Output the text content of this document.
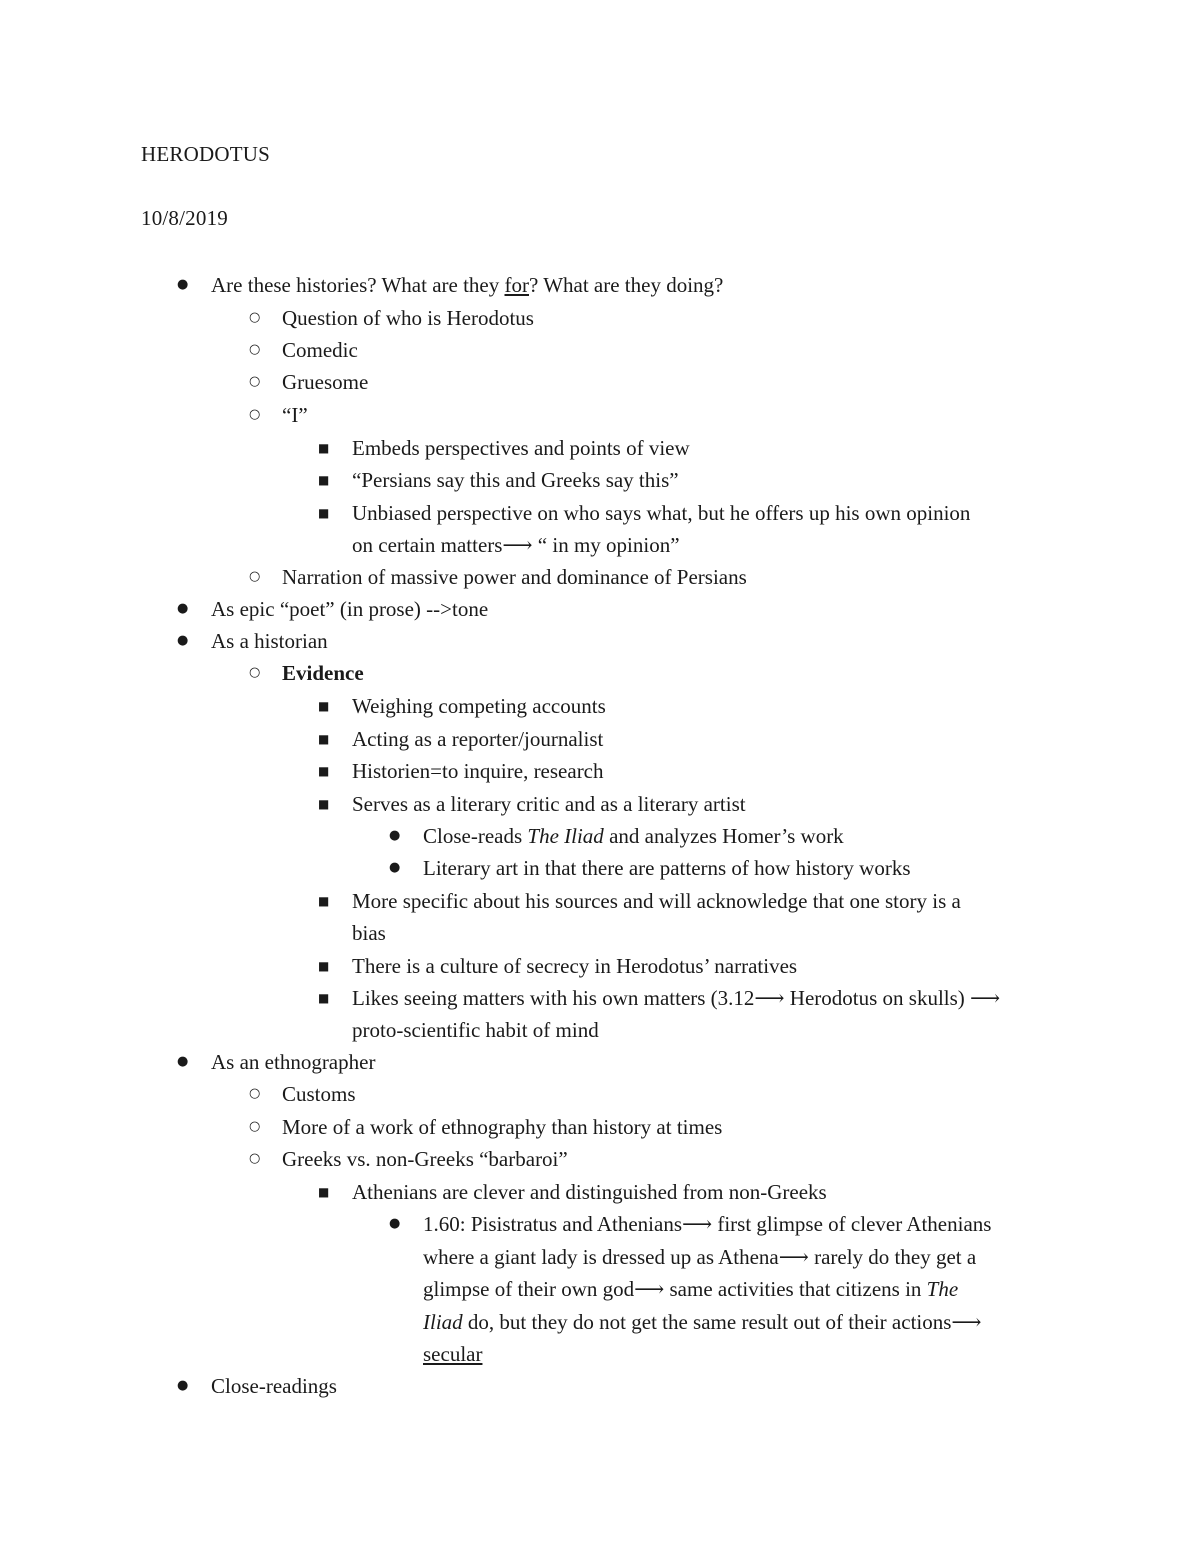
HERODOTUS
10/8/2019
● Are these histories? What are they for? What are they doing?
○ Question of who is Herodotus
○ Comedic
○ Gruesome
○ “I”
■ Embeds perspectives and points of view
■ “Persians say this and Greeks say this”
■ Unbiased perspective on who says what, but he offers up his own opinion
on certain matters⟶ “ in my opinion”
○ Narration of massive power and dominance of Persians
● As epic “poet” (in prose) -->tone
● As a historian
○ Evidence
■ Weighing competing accounts
■ Acting as a reporter/journalist
■ Historien=to inquire, research
■ Serves as a literary critic and as a literary artist
● Close-reads The Iliad and analyzes Homer’s work
● Literary art in that there are patterns of how history works
■ More specific about his sources and will acknowledge that one story is a
bias
■ There is a culture of secrecy in Herodotus’ narratives
■ Likes seeing matters with his own matters (3.12⟶ Herodotus on skulls) ⟶
proto-scientific habit of mind
● As an ethnographer
○ Customs
○ More of a work of ethnography than history at times
○ Greeks vs. non-Greeks “barbaroi”
■ Athenians are clever and distinguished from non-Greeks
● 1.60: Pisistratus and Athenians⟶ first glimpse of clever Athenians
where a giant lady is dressed up as Athena⟶ rarely do they get a
glimpse of their own god⟶ same activities that citizens in The
Iliad do, but they do not get the same result out of their actions⟶
secular
● Close-readings
